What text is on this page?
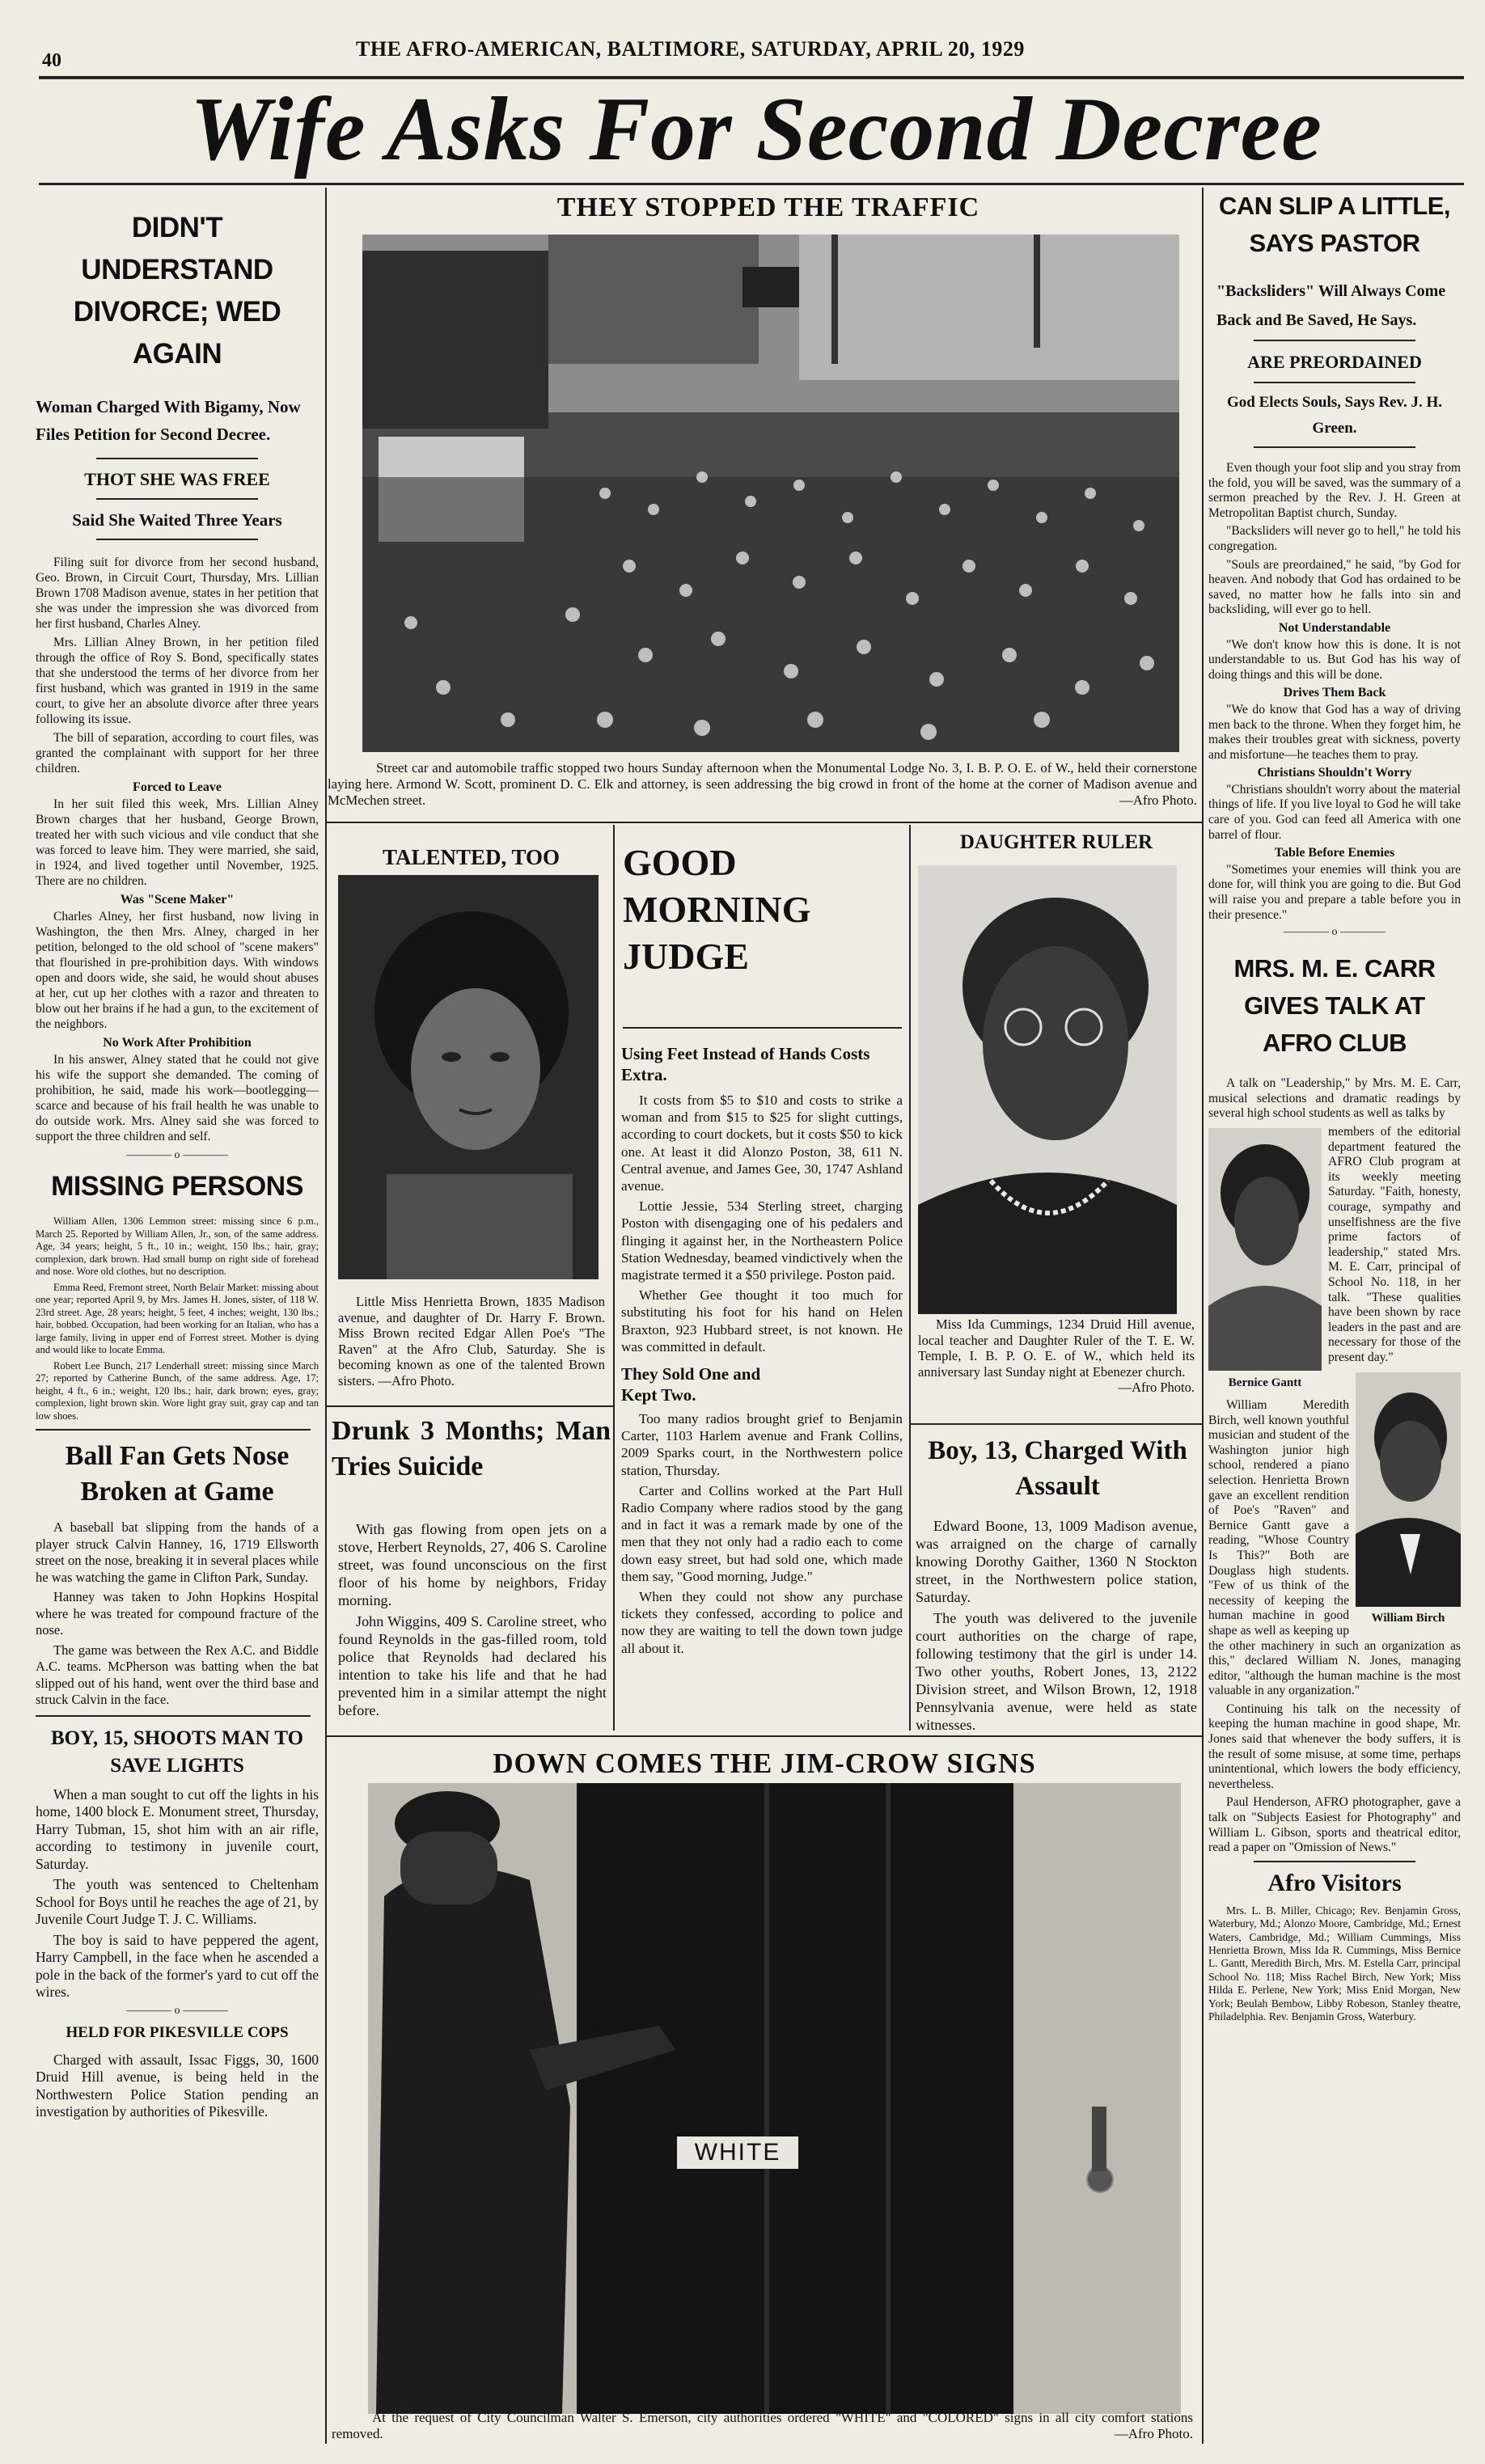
40	THE AFRO-AMERICAN, BALTIMORE, SATURDAY, APRIL 20, 1929
Wife Asks For Second Decree
DIDN'T UNDERSTAND DIVORCE; WED AGAIN
Woman Charged With Bigamy, Now Files Petition for Second Decree.
THOT SHE WAS FREE
Said She Waited Three Years

Filing suit for divorce from her second husband, Geo. Brown, in Circuit Court, Thursday, Mrs. Lillian Brown 1708 Madison avenue, states in her petition that she was under the impression she was divorced from her first husband, Charles Alney.

Mrs. Lillian Alney Brown, in her petition filed through the office of Roy S. Bond, specifically states that she understood the terms of her divorce from her first husband, which was granted in 1919 in the same court, to give her an absolute divorce after three years following its issue.

The bill of separation, according to court files, was granted the complainant with support for her three children.

Forced to Leave

In her suit filed this week, Mrs. Lillian Alney Brown charges that her husband, George Brown, treated her with such vicious and vile conduct that she was forced to leave him. They were married, she said, in 1924, and lived together until November, 1925. There are no children.

Was "Scene Maker"

Charles Alney, her first husband, now living in Washington, the then Mrs. Alney, charged in her petition, belonged to the old school of "scene makers" that flourished in pre-prohibition days. With windows open and doors wide, she said, he would shout abuses at her, cut up her clothes with a razor and threaten to blow out her brains if he had a gun, to the excitement of the neighbors.

No Work After Prohibition

In his answer, Alney stated that he could not give his wife the support she demanded. The coming of prohibition, he said, made his work—bootlegging—scarce and because of his frail health he was unable to do outside work. Mrs. Alney said she was forced to support the three children and self.

———— o ————
MISSING PERSONS

William Allen, 1306 Lemmon street: missing since 6 p.m., March 25. Reported by William Allen, Jr., son, of the same address. Age, 34 years; height, 5 ft., 10 in.; weight, 150 lbs.; hair, gray; complexion, dark brown. Had small bump on right side of forehead and nose. Wore old clothes, but no description.

Emma Reed, Fremont street, North Belair Market: missing about one year; reported April 9, by Mrs. James H. Jones, sister, of 118 W. 23rd street. Age, 28 years; height, 5 feet, 4 inches; weight, 130 lbs.; hair, bobbed. Occupation, had been working for an Italian, who has a large family, living in upper end of Forrest street. Mother is dying and would like to locate Emma.

Robert Lee Bunch, 217 Lenderhall street: missing since March 27; reported by Catherine Bunch, of the same address. Age, 17; height, 4 ft., 6 in.; weight, 120 lbs.; hair, dark brown; eyes, gray; complexion, light brown skin. Wore light gray suit, gray cap and tan low shoes.

Ball Fan Gets Nose Broken at Game

A baseball bat slipping from the hands of a player struck Calvin Hanney, 16, 1719 Ellsworth street on the nose, breaking it in several places while he was watching the game in Clifton Park, Sunday.

Hanney was taken to John Hopkins Hospital where he was treated for compound fracture of the nose.

The game was between the Rex A.C. and Biddle A.C. teams. McPherson was batting when the bat slipped out of his hand, went over the third base and struck Calvin in the face.

BOY, 15, SHOOTS MAN TO SAVE LIGHTS

When a man sought to cut off the lights in his home, 1400 block E. Monument street, Thursday, Harry Tubman, 15, shot him with an air rifle, according to testimony in juvenile court, Saturday.

The youth was sentenced to Cheltenham School for Boys until he reaches the age of 21, by Juvenile Court Judge T. J. C. Williams.

The boy is said to have peppered the agent, Harry Campbell, in the face when he ascended a pole in the back of the former's yard to cut off the wires.

———— o ————
HELD FOR PIKESVILLE COPS

Charged with assault, Issac Figgs, 30, 1600 Druid Hill avenue, is being held in the Northwestern Police Station pending an investigation by authorities of Pikesville.

THEY STOPPED THE TRAFFIC
Street car and automobile traffic stopped two hours Sunday afternoon when the Monumental Lodge No. 3, I. B. P. O. E. of W., held their cornerstone laying here. Armond W. Scott, prominent D. C. Elk and attorney, is seen addressing the big crowd in front of the home at the corner of Madison avenue and McMechen street.	—Afro Photo.
TALENTED, TOO
Little Miss Henrietta Brown, 1835 Madison avenue, and daughter of Dr. Harry F. Brown. Miss Brown recited Edgar Allen Poe's "The Raven" at the Afro Club, Saturday. She is becoming known as one of the talented Brown sisters. —Afro Photo.
Drunk 3 Months; Man Tries Suicide

With gas flowing from open jets on a stove, Herbert Reynolds, 27, 406 S. Caroline street, was found unconscious on the first floor of his home by neighbors, Friday morning.

John Wiggins, 409 S. Caroline street, who found Reynolds in the gas-filled room, told police that Reynolds had declared his intention to take his life and that he had prevented him in a similar attempt the night before.

GOOD MORNING JUDGE
Using Feet Instead of Hands Costs Extra.

It costs from $5 to $10 and costs to strike a woman and from $15 to $25 for slight cuttings, according to court dockets, but it costs $50 to kick one. At least it did Alonzo Poston, 38, 611 N. Central avenue, and James Gee, 30, 1747 Ashland avenue.

Lottie Jessie, 534 Sterling street, charging Poston with disengaging one of his pedalers and flinging it against her, in the Northeastern Police Station Wednesday, beamed vindictively when the magistrate termed it a $50 privilege. Poston paid.

Whether Gee thought it too much for substituting his foot for his hand on Helen Braxton, 923 Hubbard street, is not known. He was committed in default.

They Sold One and Kept Two.

Too many radios brought grief to Benjamin Carter, 1103 Harlem avenue and Frank Collins, 2009 Sparks court, in the Northwestern police station, Thursday.

Carter and Collins worked at the Part Hull Radio Company where radios stood by the gang and in fact it was a remark made by one of the men that they not only had a radio each to come down easy street, but had sold one, which made them say, "Good morning, Judge."

When they could not show any purchase tickets they confessed, according to police and now they are waiting to tell the down town judge all about it.

DAUGHTER RULER
Miss Ida Cummings, 1234 Druid Hill avenue, local teacher and Daughter Ruler of the T. E. W. Temple, I. B. P. O. E. of W., which held its anniversary last Sunday night at Ebenezer church.
—Afro Photo.
Boy, 13, Charged With Assault

Edward Boone, 13, 1009 Madison avenue, was arraigned on the charge of carnally knowing Dorothy Gaither, 1360 N Stockton street, in the Northwestern police station, Saturday.

The youth was delivered to the juvenile court authorities on the charge of rape, following testimony that the girl is under 14. Two other youths, Robert Jones, 13, 2122 Division street, and Wilson Brown, 12, 1918 Pennsylvania avenue, were held as state witnesses.

DOWN COMES THE JIM-CROW SIGNS
WHITE
At the request of City Councilman Walter S. Emerson, city authorities ordered "WHITE" and "COLORED" signs in all city comfort stations removed.	—Afro Photo.
CAN SLIP A LITTLE, SAYS PASTOR
"Backsliders" Will Always Come Back and Be Saved, He Says.
ARE PREORDAINED
God Elects Souls, Says Rev. J. H. Green.

Even though your foot slip and you stray from the fold, you will be saved, was the summary of a sermon preached by the Rev. J. H. Green at Metropolitan Baptist church, Sunday.

"Backsliders will never go to hell," he told his congregation.

"Souls are preordained," he said, "by God for heaven. And nobody that God has ordained to be saved, no matter how he falls into sin and backsliding, will ever go to hell.

Not Understandable

"We don't know how this is done. It is not understandable to us. But God has his way of doing things and this will be done.

Drives Them Back

"We do know that God has a way of driving men back to the throne. When they forget him, he makes their troubles great with sickness, poverty and misfortune—he teaches them to pray.

Christians Shouldn't Worry

"Christians shouldn't worry about the material things of life. If you live loyal to God he will take care of you. God can feed all America with one barrel of flour.

Table Before Enemies

"Sometimes your enemies will think you are done for, will think you are going to die. But God will raise you and prepare a table before you in their presence."

———— o ————
MRS. M. E. CARR GIVES TALK AT AFRO CLUB

A talk on "Leadership," by Mrs. M. E. Carr, musical selections and dramatic readings by several high school students as well as talks by

Bernice Gantt

members of the editorial department featured the AFRO Club program at its weekly meeting Saturday. "Faith, honesty, courage, sympathy and unselfishness are the five prime factors of leadership," stated Mrs. M. E. Carr, principal of School No. 118, in her talk. "These qualities have been shown by race leaders in the past and are necessary for those of the present day."

William Birch

William Meredith Birch, well known youthful musician and student of the Washington junior high school, rendered a piano selection. Henrietta Brown gave an excellent rendition of Poe's "Raven" and Bernice Gantt gave a reading, "Whose Country Is This?" Both are Douglass high students. "Few of us think of the necessity of keeping the human machine in good shape as well as keeping up the other machinery in such an organization as this," declared William N. Jones, managing editor, "although the human machine is the most valuable in any organization."

Continuing his talk on the necessity of keeping the human machine in good shape, Mr. Jones said that whenever the body suffers, it is the result of some misuse, at some time, perhaps unintentional, which lowers the body efficiency, nevertheless.

Paul Henderson, AFRO photographer, gave a talk on "Subjects Easiest for Photography" and William L. Gibson, sports and theatrical editor, read a paper on "Omission of News."

Afro Visitors

Mrs. L. B. Miller, Chicago; Rev. Benjamin Gross, Waterbury, Md.; Alonzo Moore, Cambridge, Md.; Ernest Waters, Cambridge, Md.; William Cummings, Miss Henrietta Brown, Miss Ida R. Cummings, Miss Bernice L. Gantt, Meredith Birch, Mrs. M. Estella Carr, principal School No. 118; Miss Rachel Birch, New York; Miss Hilda E. Perlene, New York; Miss Enid Morgan, New York; Beulah Bembow, Libby Robeson, Stanley theatre, Philadelphia. Rev. Benjamin Gross, Waterbury.
